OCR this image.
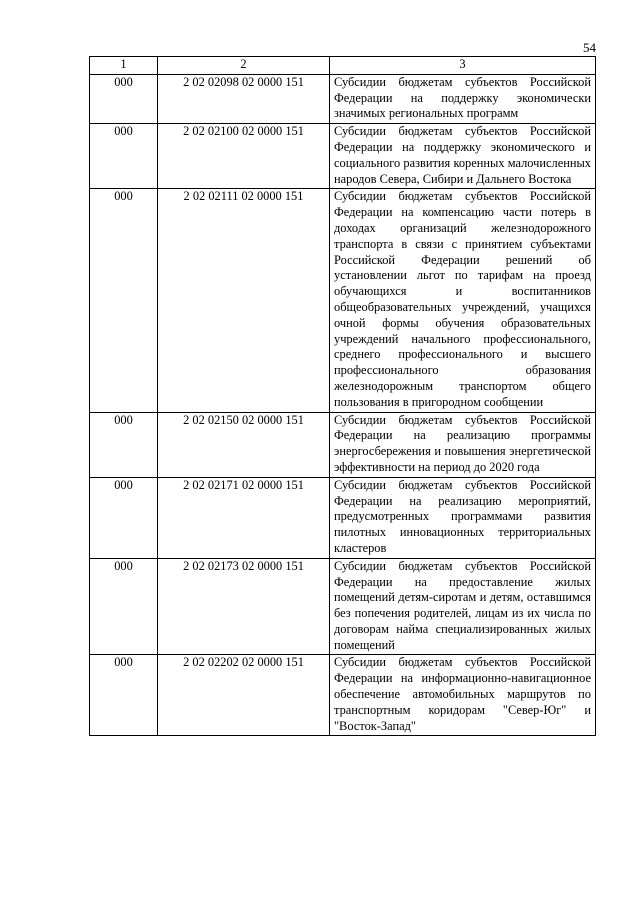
54
1	2	3
000	2 02 02098 02 0000 151	Субсидии бюджетам субъектов Российской Федерации на поддержку экономически значимых региональных программ
000	2 02 02100 02 0000 151	Субсидии бюджетам субъектов Российской Федерации на поддержку экономического и социального развития коренных малочисленных народов Севера, Сибири и Дальнего Востока
000	2 02 02111 02 0000 151	Субсидии бюджетам субъектов Российской Федерации на компенсацию части потерь в доходах организаций железнодорожного транспорта в связи с принятием субъектами Российской Федерации решений об установлении льгот по тарифам на проезд обучающихся и воспитанников общеобразовательных учреждений, учащихся очной формы обучения образовательных учреждений начального профессионального, среднего профессионального и высшего профессионального образования железнодорожным транспортом общего пользования в пригородном сообщении
000	2 02 02150 02 0000 151	Субсидии бюджетам субъектов Российской Федерации на реализацию программы энергосбережения и повышения энергетической эффективности на период до 2020 года
000	2 02 02171 02 0000 151	Субсидии бюджетам субъектов Российской Федерации на реализацию мероприятий, предусмотренных программами развития пилотных инновационных территориальных кластеров
000	2 02 02173 02 0000 151	Субсидии бюджетам субъектов Российской Федерации на предоставление жилых помещений детям-сиротам и детям, оставшимся без попечения родителей, лицам из их числа по договорам найма специализированных жилых помещений
000	2 02 02202 02 0000 151	Субсидии бюджетам субъектов Российской Федерации на информационно-навигационное обеспечение автомобильных маршрутов по транспортным коридорам "Север-Юг" и "Восток-Запад"
